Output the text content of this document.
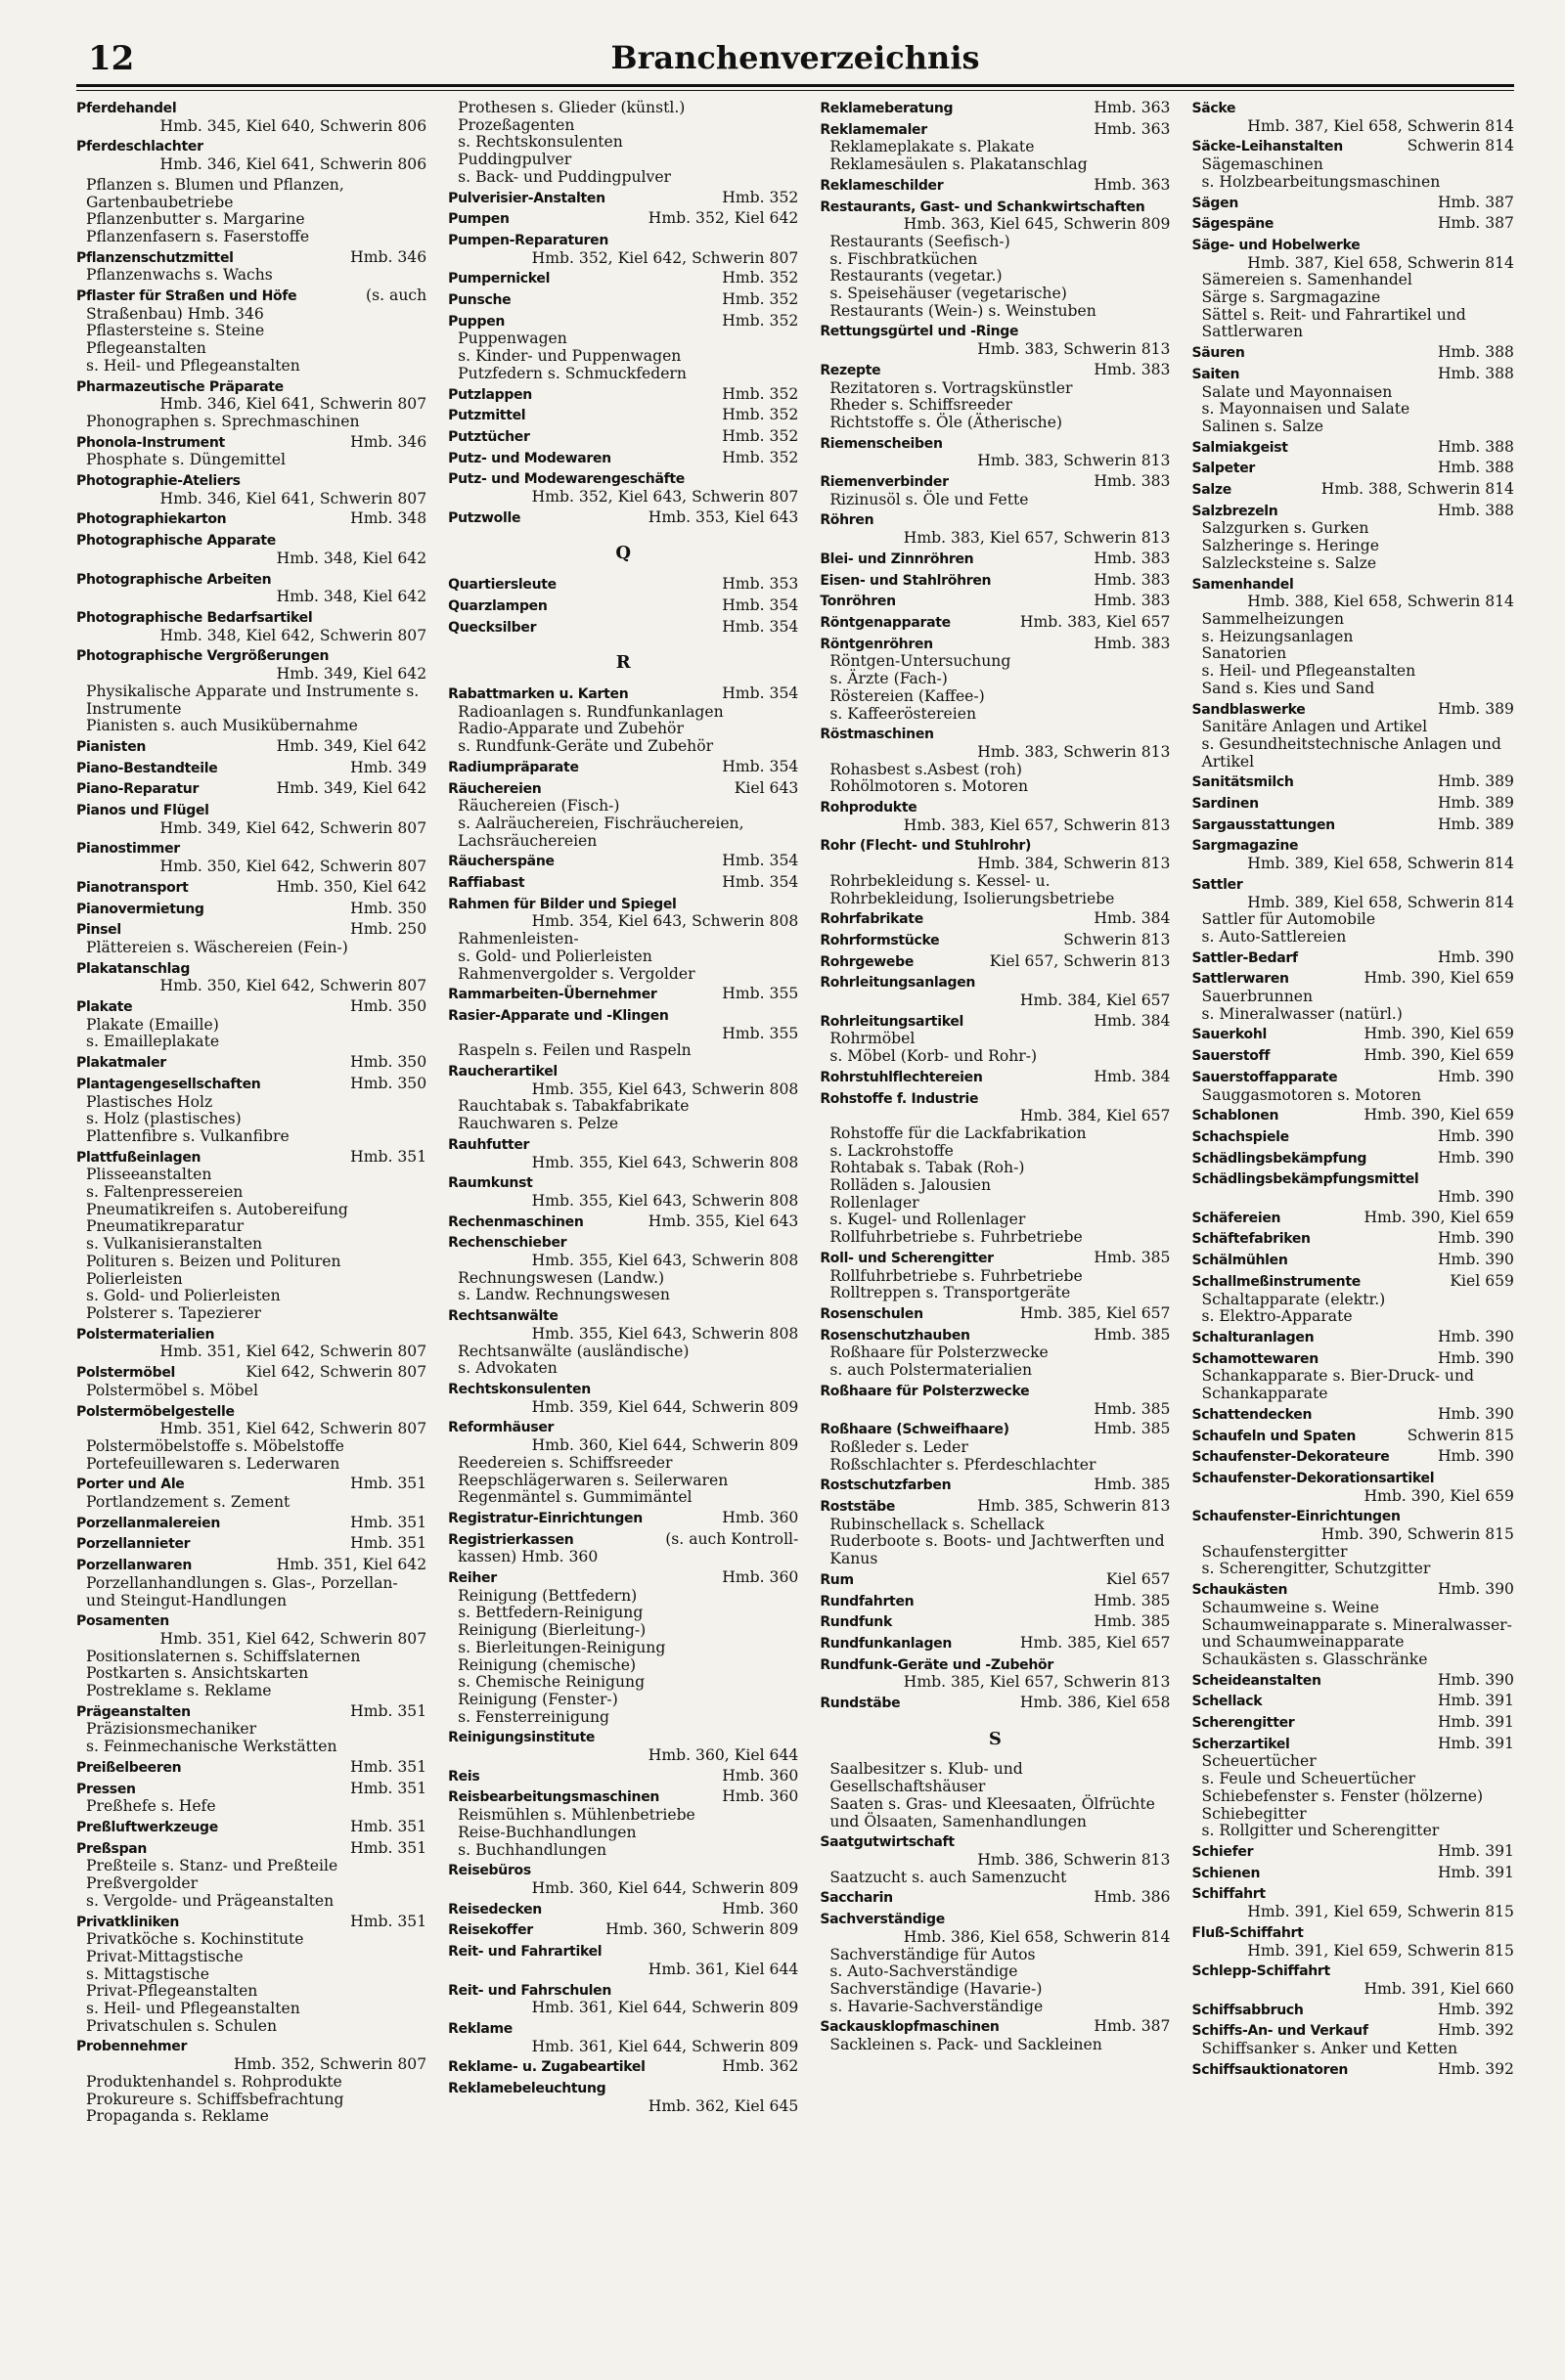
12	Branchenverzeichnis
Pferdehandel
Hmb. 345, Kiel 640, Schwerin 806
Pferdeschlachter
Hmb. 346, Kiel 641, Schwerin 806
Pflanzen s. Blumen und Pflanzen, Gartenbaubetriebe
Pflanzenbutter s. Margarine
Pflanzenfasern s. Faserstoffe
Hmb. 346
Pflanzenschutzmittel
Pflanzenwachs s. Wachs
(s. auch
Pflaster für Straßen und Höfe
Straßenbau) Hmb. 346
Pflastersteine s. Steine
Pflegeanstalten
s. Heil- und Pflegeanstalten
Pharmazeutische Präparate
Hmb. 346, Kiel 641, Schwerin 807
Phonographen s. Sprechmaschinen
Hmb. 346
Phonola-Instrument
Phosphate s. Düngemittel
Photographie-Ateliers
Hmb. 346, Kiel 641, Schwerin 807
Hmb. 348
Photographiekarton
Photographische Apparate
Hmb. 348, Kiel 642
Photographische Arbeiten
Hmb. 348, Kiel 642
Photographische Bedarfsartikel
Hmb. 348, Kiel 642, Schwerin 807
Photographische Vergrößerungen
Hmb. 349, Kiel 642
Physikalische Apparate und Instrumente s. Instrumente
Pianisten s. auch Musikübernahme
Hmb. 349, Kiel 642
Pianisten
Hmb. 349
Piano-Bestandteile
Hmb. 349, Kiel 642
Piano-Reparatur
Pianos und Flügel
Hmb. 349, Kiel 642, Schwerin 807
Pianostimmer
Hmb. 350, Kiel 642, Schwerin 807
Hmb. 350, Kiel 642
Pianotransport
Hmb. 350
Pianovermietung
Hmb. 250
Pinsel
Plättereien s. Wäschereien (Fein-)
Plakatanschlag
Hmb. 350, Kiel 642, Schwerin 807
Hmb. 350
Plakate
Plakate (Emaille)
s. Emailleplakate
Hmb. 350
Plakatmaler
Hmb. 350
Plantagengesellschaften
Plastisches Holz
s. Holz (plastisches)
Plattenfibre s. Vulkanfibre
Hmb. 351
Plattfußeinlagen
Plisseeanstalten
s. Faltenpressereien
Pneumatikreifen s. Autobereifung
Pneumatikreparatur
s. Vulkanisieranstalten
Polituren s. Beizen und Polituren
Polierleisten
s. Gold- und Polierleisten
Polsterer s. Tapezierer
Polstermaterialien
Hmb. 351, Kiel 642, Schwerin 807
Kiel 642, Schwerin 807
Polstermöbel
Polstermöbel s. Möbel
Polstermöbelgestelle
Hmb. 351, Kiel 642, Schwerin 807
Polstermöbelstoffe s. Möbelstoffe
Portefeuillewaren s. Lederwaren
Hmb. 351
Porter und Ale
Portlandzement s. Zement
Hmb. 351
Porzellanmalereien
Hmb. 351
Porzellannieter
Hmb. 351, Kiel 642
Porzellanwaren
Porzellanhandlungen s. Glas-, Porzellan- und Steingut-Handlungen
Posamenten
Hmb. 351, Kiel 642, Schwerin 807
Positionslaternen s. Schiffslaternen
Postkarten s. Ansichtskarten
Postreklame s. Reklame
Hmb. 351
Prägeanstalten
Präzisionsmechaniker
s. Feinmechanische Werkstätten
Hmb. 351
Preißelbeeren
Hmb. 351
Pressen
Preßhefe s. Hefe
Hmb. 351
Preßluftwerkzeuge
Hmb. 351
Preßspan
Preßteile s. Stanz- und Preßteile
Preßvergolder
s. Vergolde- und Prägeanstalten
Hmb. 351
Privatkliniken
Privatköche s. Kochinstitute
Privat-Mittagstische
s. Mittagstische
Privat-Pflegeanstalten
s. Heil- und Pflegeanstalten
Privatschulen s. Schulen
Probennehmer
Hmb. 352, Schwerin 807
Produktenhandel s. Rohprodukte
Prokureure s. Schiffsbefrachtung
Propaganda s. Reklame
Prothesen s. Glieder (künstl.)
Prozeßagenten
s. Rechtskonsulenten
Puddingpulver
s. Back- und Puddingpulver
Hmb. 352
Pulverisier-Anstalten
Hmb. 352, Kiel 642
Pumpen
Pumpen-Reparaturen
Hmb. 352, Kiel 642, Schwerin 807
Hmb. 352
Pumpernickel
Hmb. 352
Punsche
Hmb. 352
Puppen
Puppenwagen
s. Kinder- und Puppenwagen
Putzfedern s. Schmuckfedern
Hmb. 352
Putzlappen
Hmb. 352
Putzmittel
Hmb. 352
Putztücher
Hmb. 352
Putz- und Modewaren
Putz- und Modewarengeschäfte
Hmb. 352, Kiel 643, Schwerin 807
Hmb. 353, Kiel 643
Putzwolle
Q
Hmb. 353
Quartiersleute
Hmb. 354
Quarzlampen
Hmb. 354
Quecksilber
R
Hmb. 354
Rabattmarken u. Karten
Radioanlagen s. Rundfunkanlagen
Radio-Apparate und Zubehör
s. Rundfunk-Geräte und Zubehör
Hmb. 354
Radiumpräparate
Kiel 643
Räuchereien
Räuchereien (Fisch-)
s. Aalräuchereien, Fischräuchereien, Lachsräuchereien
Hmb. 354
Räucherspäne
Hmb. 354
Raffiabast
Rahmen für Bilder und Spiegel
Hmb. 354, Kiel 643, Schwerin 808
Rahmenleisten-
s. Gold- und Polierleisten
Rahmenvergolder s. Vergolder
Hmb. 355
Rammarbeiten-Übernehmer
Rasier-Apparate und -Klingen
Hmb. 355
Raspeln s. Feilen und Raspeln
Raucherartikel
Hmb. 355, Kiel 643, Schwerin 808
Rauchtabak s. Tabakfabrikate
Rauchwaren s. Pelze
Rauhfutter
Hmb. 355, Kiel 643, Schwerin 808
Raumkunst
Hmb. 355, Kiel 643, Schwerin 808
Hmb. 355, Kiel 643
Rechenmaschinen
Rechenschieber
Hmb. 355, Kiel 643, Schwerin 808
Rechnungswesen (Landw.)
s. Landw. Rechnungswesen
Rechtsanwälte
Hmb. 355, Kiel 643, Schwerin 808
Rechtsanwälte (ausländische)
s. Advokaten
Rechtskonsulenten
Hmb. 359, Kiel 644, Schwerin 809
Reformhäuser
Hmb. 360, Kiel 644, Schwerin 809
Reedereien s. Schiffsreeder
Reepschlägerwaren s. Seilerwaren
Regenmäntel s. Gummimäntel
Hmb. 360
Registratur-Einrichtungen
(s. auch Kontroll-
Registrierkassen
kassen) Hmb. 360
Hmb. 360
Reiher
Reinigung (Bettfedern)
s. Bettfedern-Reinigung
Reinigung (Bierleitung-)
s. Bierleitungen-Reinigung
Reinigung (chemische)
s. Chemische Reinigung
Reinigung (Fenster-)
s. Fensterreinigung
Reinigungsinstitute
Hmb. 360, Kiel 644
Hmb. 360
Reis
Hmb. 360
Reisbearbeitungsmaschinen
Reismühlen s. Mühlenbetriebe
Reise-Buchhandlungen
s. Buchhandlungen
Reisebüros
Hmb. 360, Kiel 644, Schwerin 809
Hmb. 360
Reisedecken
Hmb. 360, Schwerin 809
Reisekoffer
Reit- und Fahrartikel
Hmb. 361, Kiel 644
Reit- und Fahrschulen
Hmb. 361, Kiel 644, Schwerin 809
Reklame
Hmb. 361, Kiel 644, Schwerin 809
Hmb. 362
Reklame- u. Zugabeartikel
Reklamebeleuchtung
Hmb. 362, Kiel 645
Hmb. 363
Reklameberatung
Hmb. 363
Reklamemaler
Reklameplakate s. Plakate
Reklamesäulen s. Plakatanschlag
Hmb. 363
Reklameschilder
Restaurants, Gast- und Schankwirtschaften
Hmb. 363, Kiel 645, Schwerin 809
Restaurants (Seefisch-)
s. Fischbratküchen
Restaurants (vegetar.)
s. Speisehäuser (vegetarische)
Restaurants (Wein-) s. Weinstuben
Rettungsgürtel und -Ringe
Hmb. 383, Schwerin 813
Hmb. 383
Rezepte
Rezitatoren s. Vortragskünstler
Rheder s. Schiffsreeder
Richtstoffe s. Öle (Ätherische)
Riemenscheiben
Hmb. 383, Schwerin 813
Hmb. 383
Riemenverbinder
Rizinusöl s. Öle und Fette
Röhren
Hmb. 383, Kiel 657, Schwerin 813
Hmb. 383
Blei- und Zinnröhren
Hmb. 383
Eisen- und Stahlröhren
Hmb. 383
Tonröhren
Hmb. 383, Kiel 657
Röntgenapparate
Hmb. 383
Röntgenröhren
Röntgen-Untersuchung
s. Ärzte (Fach-)
Röstereien (Kaffee-)
s. Kaffeeröstereien
Röstmaschinen
Hmb. 383, Schwerin 813
Rohasbest s.Asbest (roh)
Rohölmotoren s. Motoren
Rohprodukte
Hmb. 383, Kiel 657, Schwerin 813
Rohr (Flecht- und Stuhlrohr)
Hmb. 384, Schwerin 813
Rohrbekleidung s. Kessel- u. Rohrbekleidung, Isolierungsbetriebe
Hmb. 384
Rohrfabrikate
Schwerin 813
Rohrformstücke
Kiel 657, Schwerin 813
Rohrgewebe
Rohrleitungsanlagen
Hmb. 384, Kiel 657
Hmb. 384
Rohrleitungsartikel
Rohrmöbel
s. Möbel (Korb- und Rohr-)
Hmb. 384
Rohrstuhlflechtereien
Rohstoffe f. Industrie
Hmb. 384, Kiel 657
Rohstoffe für die Lackfabrikation
s. Lackrohstoffe
Rohtabak s. Tabak (Roh-)
Rolläden s. Jalousien
Rollenlager
s. Kugel- und Rollenlager
Rollfuhrbetriebe s. Fuhrbetriebe
Hmb. 385
Roll- und Scherengitter
Rollfuhrbetriebe s. Fuhrbetriebe
Rolltreppen s. Transportgeräte
Hmb. 385, Kiel 657
Rosenschulen
Hmb. 385
Rosenschutzhauben
Roßhaare für Polsterzwecke
s. auch Polstermaterialien
Roßhaare für Polsterzwecke
Hmb. 385
Hmb. 385
Roßhaare (Schweifhaare)
Roßleder s. Leder
Roßschlachter s. Pferdeschlachter
Hmb. 385
Rostschutzfarben
Hmb. 385, Schwerin 813
Roststäbe
Rubinschellack s. Schellack
Ruderboote s. Boots- und Jachtwerften und Kanus
Kiel 657
Rum
Hmb. 385
Rundfahrten
Hmb. 385
Rundfunk
Hmb. 385, Kiel 657
Rundfunkanlagen
Rundfunk-Geräte und -Zubehör
Hmb. 385, Kiel 657, Schwerin 813
Hmb. 386, Kiel 658
Rundstäbe
S
Saalbesitzer s. Klub- und Gesellschaftshäuser
Saaten s. Gras- und Kleesaaten, Ölfrüchte und Ölsaaten, Samenhandlungen
Saatgutwirtschaft
Hmb. 386, Schwerin 813
Saatzucht s. auch Samenzucht
Hmb. 386
Saccharin
Sachverständige
Hmb. 386, Kiel 658, Schwerin 814
Sachverständige für Autos
s. Auto-Sachverständige
Sachverständige (Havarie-)
s. Havarie-Sachverständige
Hmb. 387
Sackausklopfmaschinen
Sackleinen s. Pack- und Sackleinen
Säcke
Hmb. 387, Kiel 658, Schwerin 814
Schwerin 814
Säcke-Leihanstalten
Sägemaschinen
s. Holzbearbeitungsmaschinen
Hmb. 387
Sägen
Hmb. 387
Sägespäne
Säge- und Hobelwerke
Hmb. 387, Kiel 658, Schwerin 814
Sämereien s. Samenhandel
Särge s. Sargmagazine
Sättel s. Reit- und Fahrartikel und Sattlerwaren
Hmb. 388
Säuren
Hmb. 388
Saiten
Salate und Mayonnaisen
s. Mayonnaisen und Salate
Salinen s. Salze
Hmb. 388
Salmiakgeist
Hmb. 388
Salpeter
Hmb. 388, Schwerin 814
Salze
Hmb. 388
Salzbrezeln
Salzgurken s. Gurken
Salzheringe s. Heringe
Salzlecksteine s. Salze
Samenhandel
Hmb. 388, Kiel 658, Schwerin 814
Sammelheizungen
s. Heizungsanlagen
Sanatorien
s. Heil- und Pflegeanstalten
Sand s. Kies und Sand
Hmb. 389
Sandblaswerke
Sanitäre Anlagen und Artikel
s. Gesundheitstechnische Anlagen und Artikel
Hmb. 389
Sanitätsmilch
Hmb. 389
Sardinen
Hmb. 389
Sargausstattungen
Sargmagazine
Hmb. 389, Kiel 658, Schwerin 814
Sattler
Hmb. 389, Kiel 658, Schwerin 814
Sattler für Automobile
s. Auto-Sattlereien
Hmb. 390
Sattler-Bedarf
Hmb. 390, Kiel 659
Sattlerwaren
Sauerbrunnen
s. Mineralwasser (natürl.)
Hmb. 390, Kiel 659
Sauerkohl
Hmb. 390, Kiel 659
Sauerstoff
Hmb. 390
Sauerstoffapparate
Sauggasmotoren s. Motoren
Hmb. 390, Kiel 659
Schablonen
Hmb. 390
Schachspiele
Hmb. 390
Schädlingsbekämpfung
Schädlingsbekämpfungsmittel
Hmb. 390
Hmb. 390, Kiel 659
Schäfereien
Hmb. 390
Schäftefabriken
Hmb. 390
Schälmühlen
Kiel 659
Schallmeßinstrumente
Schaltapparate (elektr.)
s. Elektro-Apparate
Hmb. 390
Schalturanlagen
Hmb. 390
Schamottewaren
Schankapparate s. Bier-Druck- und Schankapparate
Hmb. 390
Schattendecken
Schwerin 815
Schaufeln und Spaten
Hmb. 390
Schaufenster-Dekorateure
Schaufenster-Dekorationsartikel
Hmb. 390, Kiel 659
Schaufenster-Einrichtungen
Hmb. 390, Schwerin 815
Schaufenstergitter
s. Scherengitter, Schutzgitter
Hmb. 390
Schaukästen
Schaumweine s. Weine
Schaumweinapparate s. Mineralwasser- und Schaumweinapparate
Schaukästen s. Glasschränke
Hmb. 390
Scheideanstalten
Hmb. 391
Schellack
Hmb. 391
Scherengitter
Hmb. 391
Scherzartikel
Scheuertücher
s. Feule und Scheuertücher
Schiebefenster s. Fenster (hölzerne)
Schiebegitter
s. Rollgitter und Scherengitter
Hmb. 391
Schiefer
Hmb. 391
Schienen
Schiffahrt
Hmb. 391, Kiel 659, Schwerin 815
Fluß-Schiffahrt
Hmb. 391, Kiel 659, Schwerin 815
Schlepp-Schiffahrt
Hmb. 391, Kiel 660
Hmb. 392
Schiffsabbruch
Hmb. 392
Schiffs-An- und Verkauf
Schiffsanker s. Anker und Ketten
Hmb. 392
Schiffsauktionatoren
